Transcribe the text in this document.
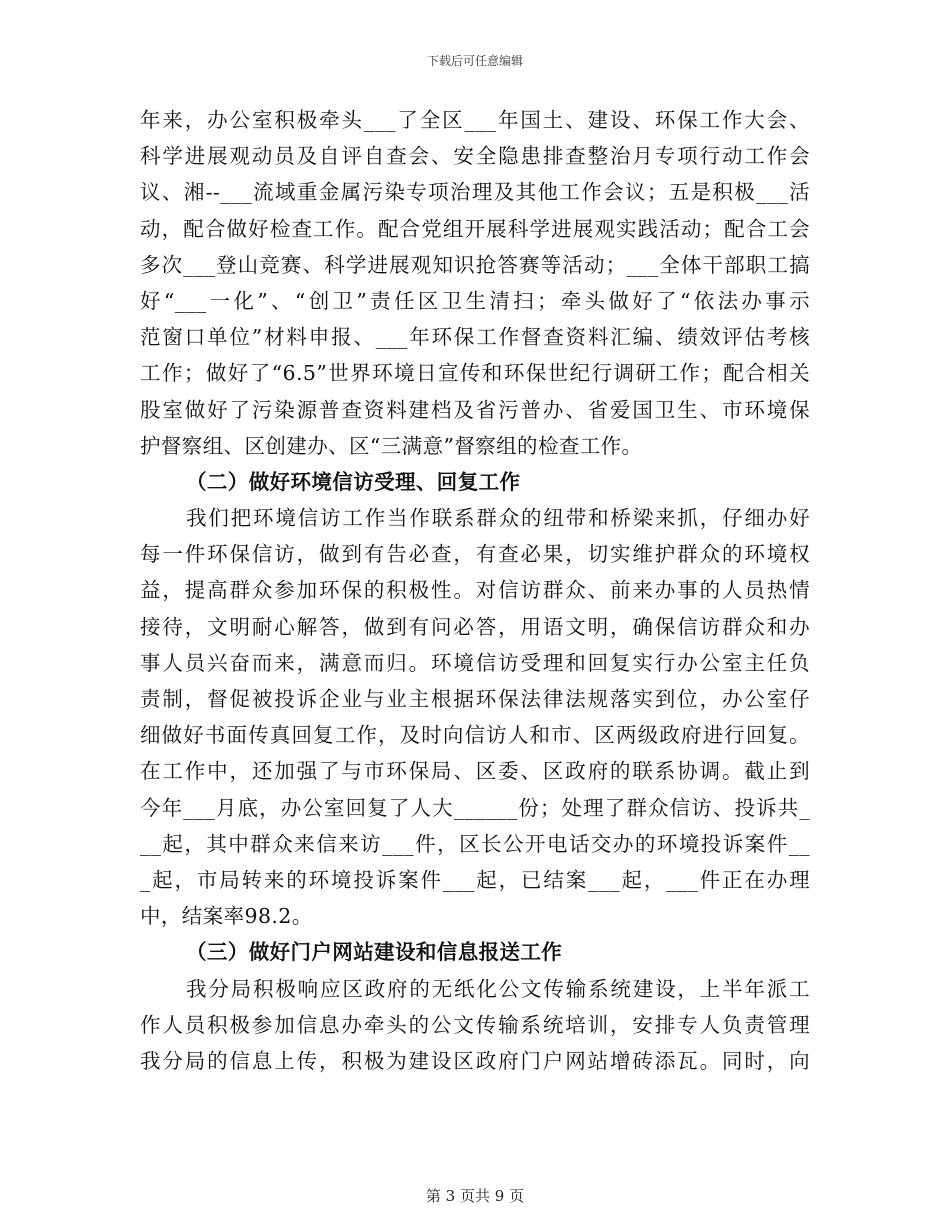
下载后可任意编辑
年来，办公室积极牵头___了全区___年国土、建设、环保工作大会、
科学进展观动员及自评自查会、安全隐患排查整治月专项行动工作会
议、湘--___流域重金属污染专项治理及其他工作会议；五是积极___活
动，配合做好检查工作。配合党组开展科学进展观实践活动；配合工会
多次___登山竞赛、科学进展观知识抢答赛等活动；___全体干部职工搞
好“___一化”、“创卫”责任区卫生清扫；牵头做好了“依法办事示
范窗口单位”材料申报、___年环保工作督查资料汇编、绩效评估考核
工作；做好了“6.5”世界环境日宣传和环保世纪行调研工作；配合相关
股室做好了污染源普查资料建档及省污普办、省爱国卫生、市环境保
护督察组、区创建办、区“三满意”督察组的检查工作。
（二）做好环境信访受理、回复工作
我们把环境信访工作当作联系群众的纽带和桥梁来抓，仔细办好
每一件环保信访，做到有告必查，有查必果，切实维护群众的环境权
益，提高群众参加环保的积极性。对信访群众、前来办事的人员热情
接待，文明耐心解答，做到有问必答，用语文明，确保信访群众和办
事人员兴奋而来，满意而归。环境信访受理和回复实行办公室主任负
责制，督促被投诉企业与业主根据环保法律法规落实到位，办公室仔
细做好书面传真回复工作，及时向信访人和市、区两级政府进行回复。
在工作中，还加强了与市环保局、区委、区政府的联系协调。截止到
今年___月底，办公室回复了人大______份；处理了群众信访、投诉共_
__起，其中群众来信来访___件，区长公开电话交办的环境投诉案件__
_起，市局转来的环境投诉案件___起，已结案___起，___件正在办理
中，结案率98.2。
（三）做好门户网站建设和信息报送工作
我分局积极响应区政府的无纸化公文传输系统建设，上半年派工
作人员积极参加信息办牵头的公文传输系统培训，安排专人负责管理
我分局的信息上传，积极为建设区政府门户网站增砖添瓦。同时，向
第 3 页共 9 页
